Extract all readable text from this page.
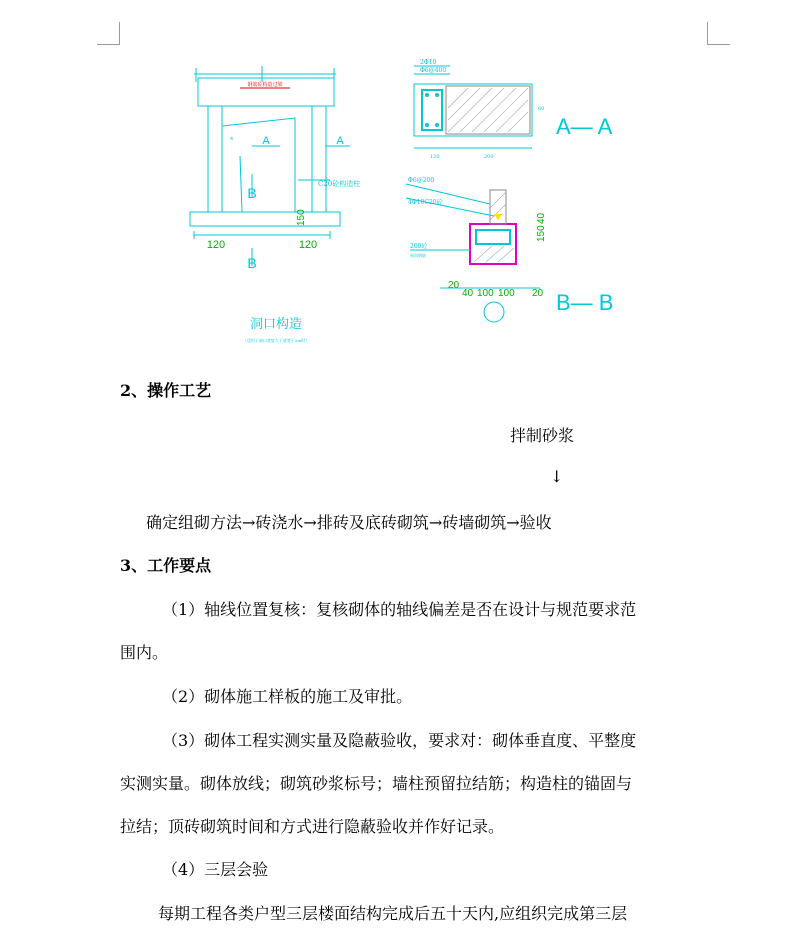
钢筋砼构造过梁
A	A
B
B
4
C20砼构造柱
150
120	120
洞口构造
（适用于洞口宽度大于或等于2m时）
2Φ10
Φ6@400
60
120	200
A— A
Φ6@200
4Φ10C20砼
200砼
预留钢筋
150
40
20
40 100 100 20 B— B
2、操作工艺
拌制砂浆
↓
确定组砌方法→砖浇水→排砖及底砖砌筑→砖墙砌筑→验收
3、工作要点
（1）轴线位置复核：复核砌体的轴线偏差是否在设计与规范要求范
围内。
（2）砌体施工样板的施工及审批。
（3）砌体工程实测实量及隐蔽验收，要求对：砌体垂直度、平整度
实测实量。砌体放线；砌筑砂浆标号；墙柱预留拉结筋；构造柱的锚固与
拉结；顶砖砌筑时间和方式进行隐蔽验收并作好记录。
（4）三层会验
每期工程各类户型三层楼面结构完成后五十天内,应组织完成第三层
